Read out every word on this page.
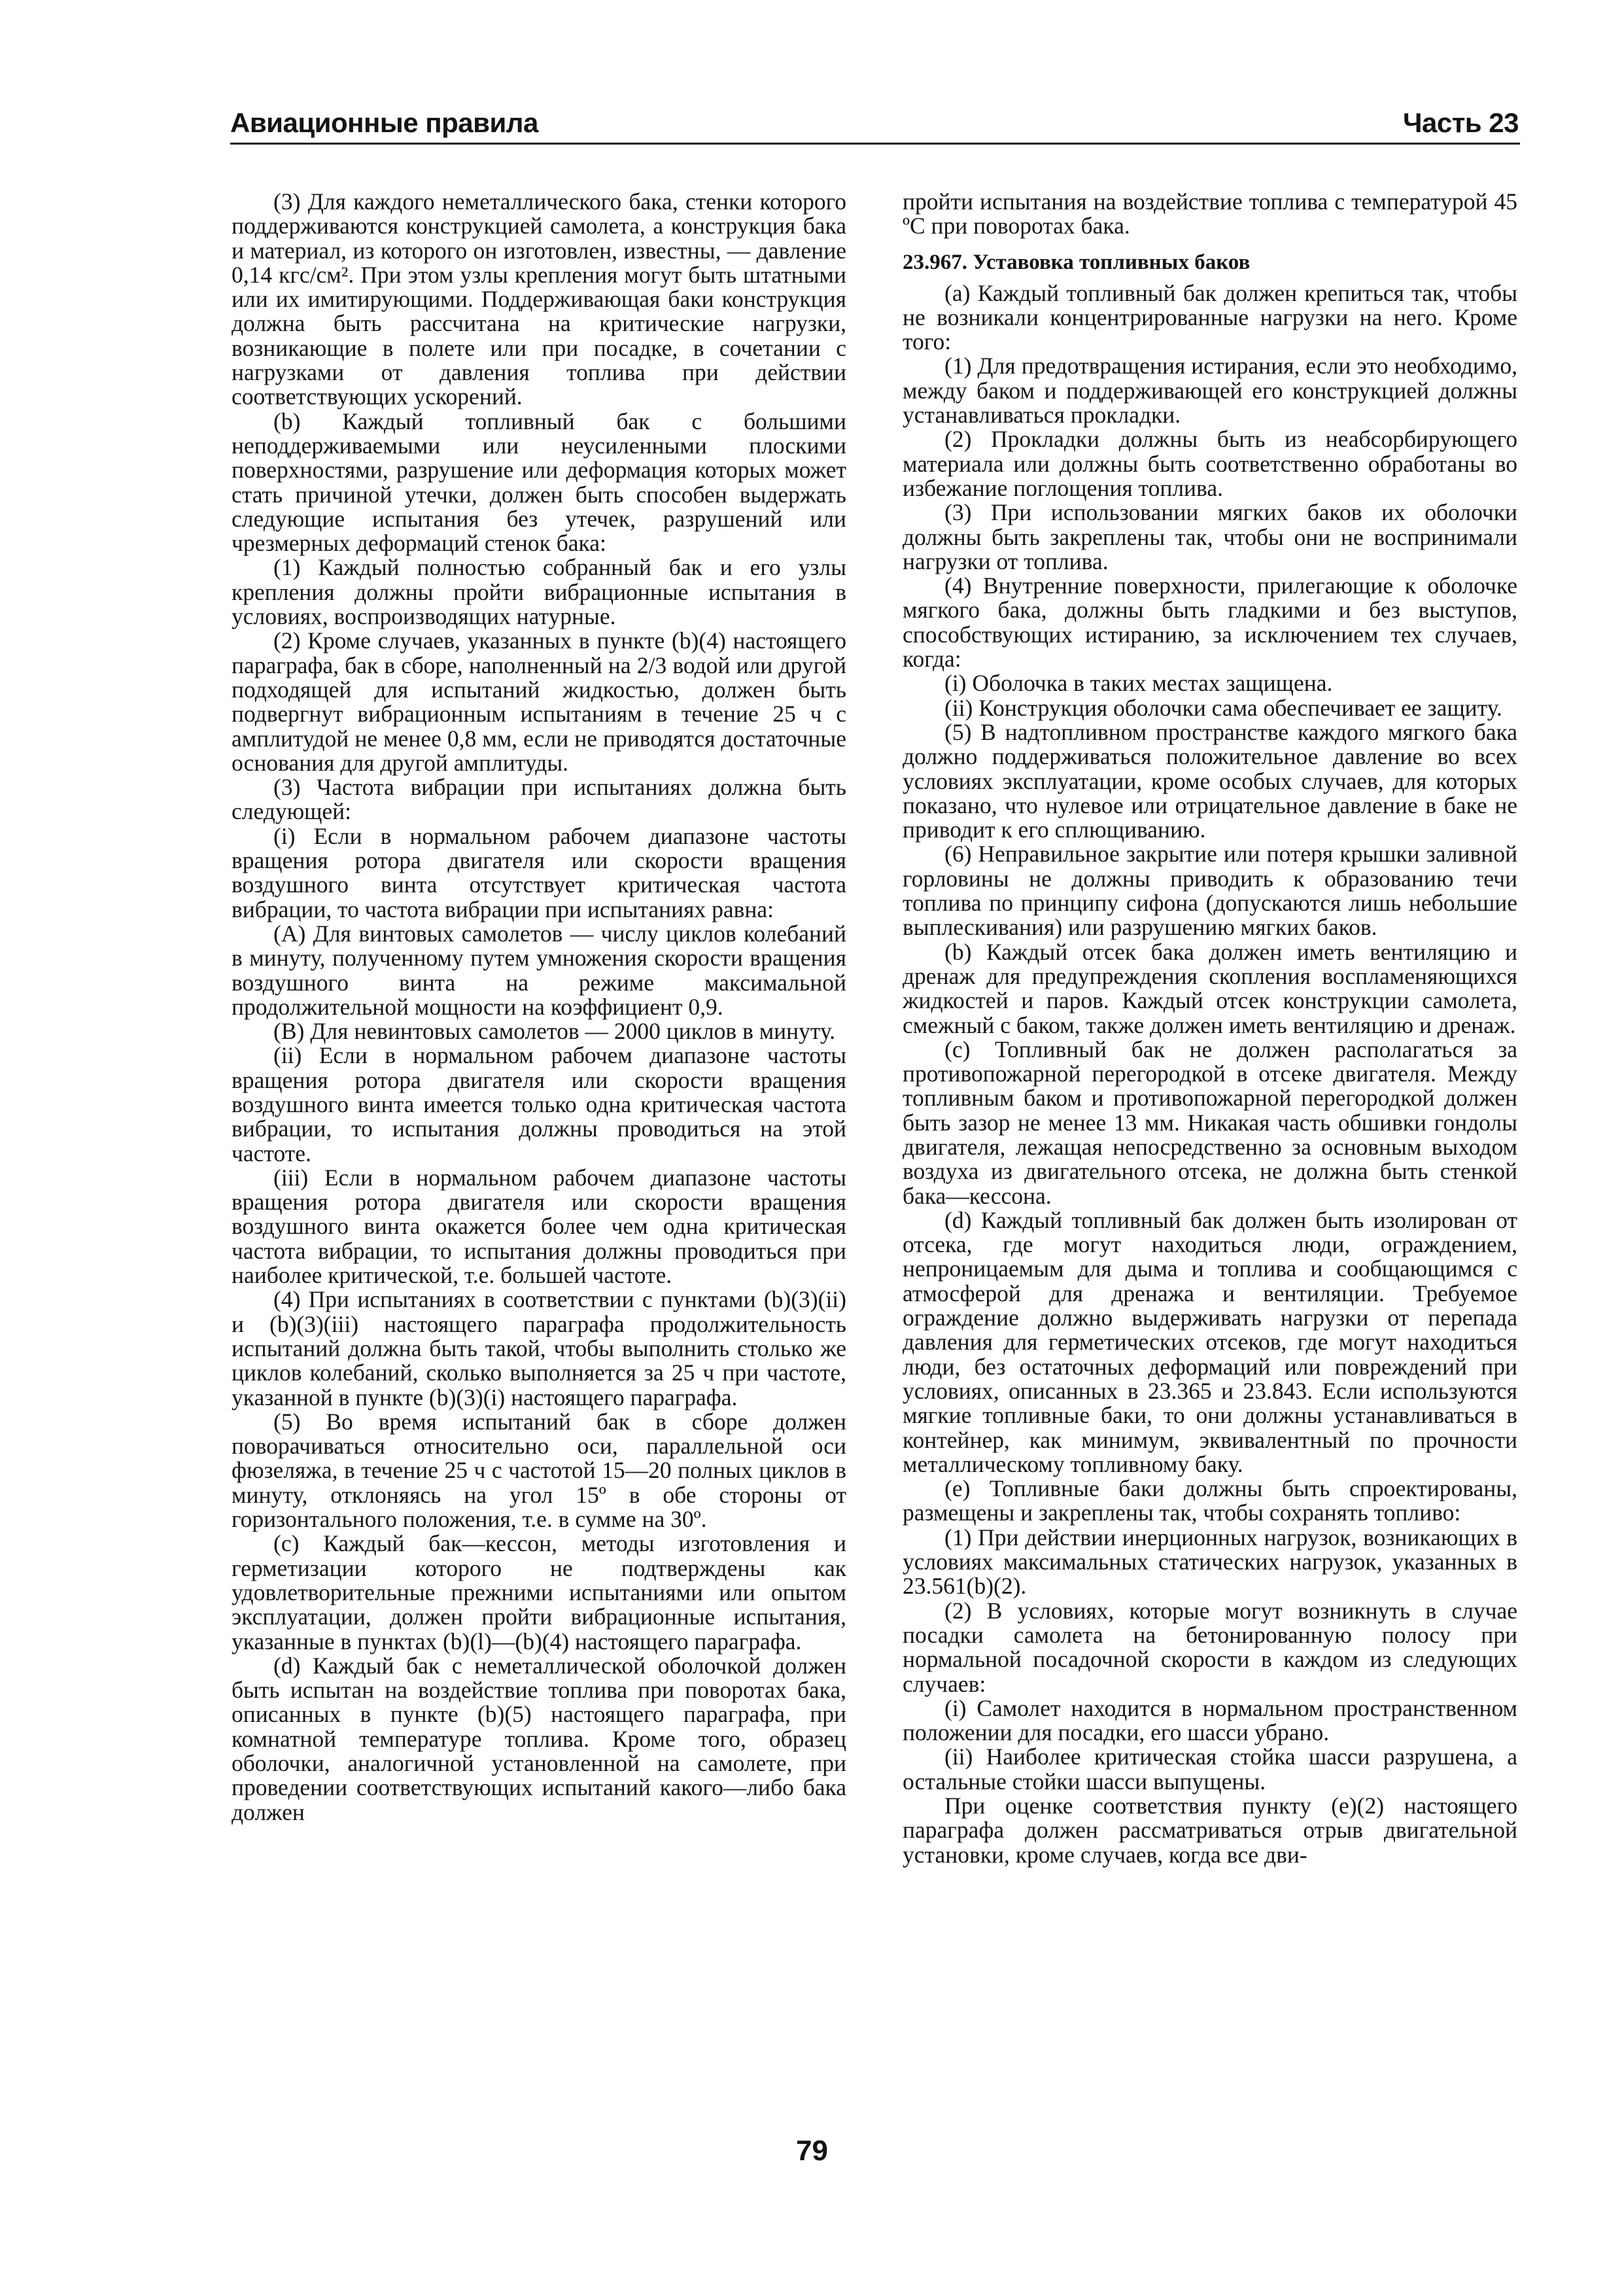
Авиационные правила	Часть 23

(3) Для каждого неметаллического бака, стенки которого поддерживаются конструкцией самолета, а конструкция бака и материал, из которого он изготовлен, известны, — давление 0,14 кгс/см². При этом узлы крепления могут быть штатными или их имитирующими. Поддерживающая баки конструкция должна быть рассчитана на критические нагрузки, возникающие в полете или при посадке, в сочетании с нагрузками от давления топлива при действии соответствующих ускорений.

(b) Каждый топливный бак с большими неподдерживаемыми или неусиленными плоскими поверхностями, разрушение или деформация которых может стать причиной утечки, должен быть способен выдержать следующие испытания без утечек, разрушений или чрезмерных деформаций стенок бака:

(1) Каждый полностью собранный бак и его узлы крепления должны пройти вибрационные испытания в условиях, воспроизводящих натурные.

(2) Кроме случаев, указанных в пункте (b)(4) настоящего параграфа, бак в сборе, наполненный на 2/3 водой или другой подходящей для испытаний жидкостью, должен быть подвергнут вибрационным испытаниям в течение 25 ч с амплитудой не менее 0,8 мм, если не приводятся достаточные основания для другой амплитуды.

(3) Частота вибрации при испытаниях должна быть следующей:

(i) Если в нормальном рабочем диапазоне частоты вращения ротора двигателя или скорости вращения воздушного винта отсутствует критическая частота вибрации, то частота вибрации при испытаниях равна:

(A) Для винтовых самолетов — числу циклов колебаний в минуту, полученному путем умножения скорости вращения воздушного винта на режиме максимальной продолжительной мощности на коэффициент 0,9.

(B) Для невинтовых самолетов — 2000 циклов в минуту.

(ii) Если в нормальном рабочем диапазоне частоты вращения ротора двигателя или скорости вращения воздушного винта имеется только одна критическая частота вибрации, то испытания должны проводиться на этой частоте.

(iii) Если в нормальном рабочем диапазоне частоты вращения ротора двигателя или скорости вращения воздушного винта окажется более чем одна критическая частота вибрации, то испытания должны проводиться при наиболее критической, т.е. большей частоте.

(4) При испытаниях в соответствии с пунктами (b)(3)(ii) и (b)(3)(iii) настоящего параграфа продолжительность испытаний должна быть такой, чтобы выполнить столько же циклов колебаний, сколько выполняется за 25 ч при частоте, указанной в пункте (b)(3)(i) настоящего параграфа.

(5) Во время испытаний бак в сборе должен поворачиваться относительно оси, параллельной оси фюзеляжа, в течение 25 ч с частотой 15—20 полных циклов в минуту, отклоняясь на угол 15º в обе стороны от горизонтального положения, т.е. в сумме на 30º.

(c) Каждый бак—кессон, методы изготовления и герметизации которого не подтверждены как удовлетворительные прежними испытаниями или опытом эксплуатации, должен пройти вибрационные испытания, указанные в пунктах (b)(l)—(b)(4) настоящего параграфа.

(d) Каждый бак с неметаллической оболочкой должен быть испытан на воздействие топлива при поворотах бака, описанных в пункте (b)(5) настоящего параграфа, при комнатной температуре топлива. Кроме того, образец оболочки, аналогичной установленной на самолете, при проведении соответствующих испытаний какого—либо бака должен

пройти испытания на воздействие топлива с температурой 45 ºС при поворотах бака.

23.967. Уставовка топливных баков

(a) Каждый топливный бак должен крепиться так, чтобы не возникали концентрированные нагрузки на него. Кроме того:

(1) Для предотвращения истирания, если это необходимо, между баком и поддерживающей его конструкцией должны устанавливаться прокладки.

(2) Прокладки должны быть из неабсорбирующего материала или должны быть соответственно обработаны во избежание поглощения топлива.

(3) При использовании мягких баков их оболочки должны быть закреплены так, чтобы они не воспринимали нагрузки от топлива.

(4) Внутренние поверхности, прилегающие к оболочке мягкого бака, должны быть гладкими и без выступов, способствующих истиранию, за исключением тех случаев, когда:

(i) Оболочка в таких местах защищена.

(ii) Конструкция оболочки сама обеспечивает ее защиту.

(5) В надтопливном пространстве каждого мягкого бака должно поддерживаться положительное давление во всех условиях эксплуатации, кроме особых случаев, для которых показано, что нулевое или отрицательное давление в баке не приводит к его сплющиванию.

(6) Неправильное закрытие или потеря крышки заливной горловины не должны приводить к образованию течи топлива по принципу сифона (допускаются лишь небольшие выплескивания) или разрушению мягких баков.

(b) Каждый отсек бака должен иметь вентиляцию и дренаж для предупреждения скопления воспламеняющихся жидкостей и паров. Каждый отсек конструкции самолета, смежный с баком, также должен иметь вентиляцию и дренаж.

(c) Топливный бак не должен располагаться за противопожарной перегородкой в отсеке двигателя. Между топливным баком и противопожарной перегородкой должен быть зазор не менее 13 мм. Никакая часть обшивки гондолы двигателя, лежащая непосредственно за основным выходом воздуха из двигательного отсека, не должна быть стенкой бака—кессона.

(d) Каждый топливный бак должен быть изолирован от отсека, где могут находиться люди, ограждением, непроницаемым для дыма и топлива и сообщающимся с атмосферой для дренажа и вентиляции. Требуемое ограждение должно выдерживать нагрузки от перепада давления для герметических отсеков, где могут находиться люди, без остаточных деформаций или повреждений при условиях, описанных в 23.365 и 23.843. Если используются мягкие топливные баки, то они должны устанавливаться в контейнер, как минимум, эквивалентный по прочности металлическому топливному баку.

(e) Топливные баки должны быть спроектированы, размещены и закреплены так, чтобы сохранять топливо:

(1) При действии инерционных нагрузок, возникающих в условиях максимальных статических нагрузок, указанных в 23.561(b)(2).

(2) В условиях, которые могут возникнуть в случае посадки самолета на бетонированную полосу при нормальной посадочной скорости в каждом из следующих случаев:

(i) Самолет находится в нормальном пространственном положении для посадки, его шасси убрано.

(ii) Наиболее критическая стойка шасси разрушена, а остальные стойки шасси выпущены.

При оценке соответствия пункту (e)(2) настоящего параграфа должен рассматриваться отрыв двигательной установки, кроме случаев, когда все дви-

79
